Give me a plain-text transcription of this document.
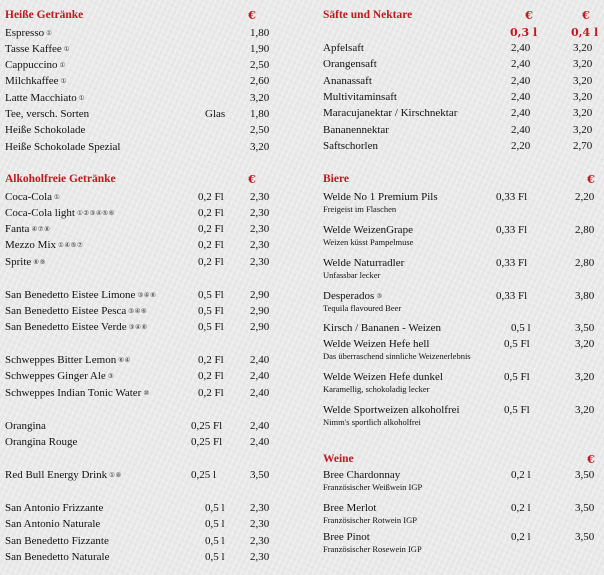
Heiße Getränke	€
Espresso ①	1,80
Tasse Kaffee ①	1,90
Cappuccino ①	2,50
Milchkaffee ①	2,60
Latte Macchiato ①	3,20
Tee, versch. Sorten	Glas 1,80
Heiße Schokolade	2,50
Heiße Schokolade Spezial	3,20
Alkoholfreie Getränke	€
Coca-Cola ①	0,2 Fl 2,30
Coca-Cola light ①②③④⑤⑥	0,2 Fl 2,30
Fanta ④⑦⑧	0,2 Fl 2,30
Mezzo Mix ①④⑤⑦	0,2 Fl 2,30
Sprite ⑥⑨	0,2 Fl 2,30
San Benedetto Eistee Limone ③④⑥	0,5 Fl 2,90
San Benedetto Eistee Pesca ③④⑥	0,5 Fl 2,90
San Benedetto Eistee Verde ③④⑥	0,5 Fl 2,90
Schweppes Bitter Lemon ⑥④	0,2 Fl 2,40
Schweppes Ginger Ale ③	0,2 Fl 2,40
Schweppes Indian Tonic Water ⑩	0,2 Fl 2,40
Orangina	0,25 Fl	2,40
Orangina Rouge	0,25 Fl	2,40
Red Bull Energy Drink ①⑧	0,25 l	3,50
San Antonio Frizzante	0,5 l 2,30
San Antonio Naturale	0,5 l 2,30
San Benedetto Fizzante	0,5 l 2,30
San Benedetto Naturale	0,5 l 2,30
Säfte und Nektare	€	€
0,3 l	0,4 l
Apfelsaft	2,40	3,20
Orangensaft	2,40	3,20
Ananassaft	2,40	3,20
Multivitaminsaft	2,40	3,20
Maracujanektar / Kirschnektar	2,40	3,20
Bananennektar	2,40	3,20
Saftschorlen	2,20	2,70
Biere	€
Welde No 1 Premium Pils
Freigeist im Flaschen
0,33 Fl	2,20
Welde WeizenGrape
Weizen küsst Pampelmuse
0,33 Fl	2,80
Welde Naturradler
Unfassbar lecker
0,33 Fl	2,80
Desperados ③
Tequila flavoured Beer
0,33 Fl	3,80
Kirsch / Bananen - Weizen	0,5 l	3,50
Welde Weizen Hefe hell
Das überraschend sinnliche Weizenerlebnis
0,5 Fl	3,20
Welde Weizen Hefe dunkel
Karamellig, schokoladig lecker
0,5 Fl	3,20
Welde Sportweizen alkoholfrei
Nimm's sportlich alkoholfrei
0,5 Fl	3,20
Weine	€
Bree Chardonnay
Französischer Weißwein IGP
0,2 l	3,50
Bree Merlot
Französischer Rotwein IGP
0,2 l	3,50
Bree Pinot
Französischer Rosewein IGP
0,2 l	3,50
